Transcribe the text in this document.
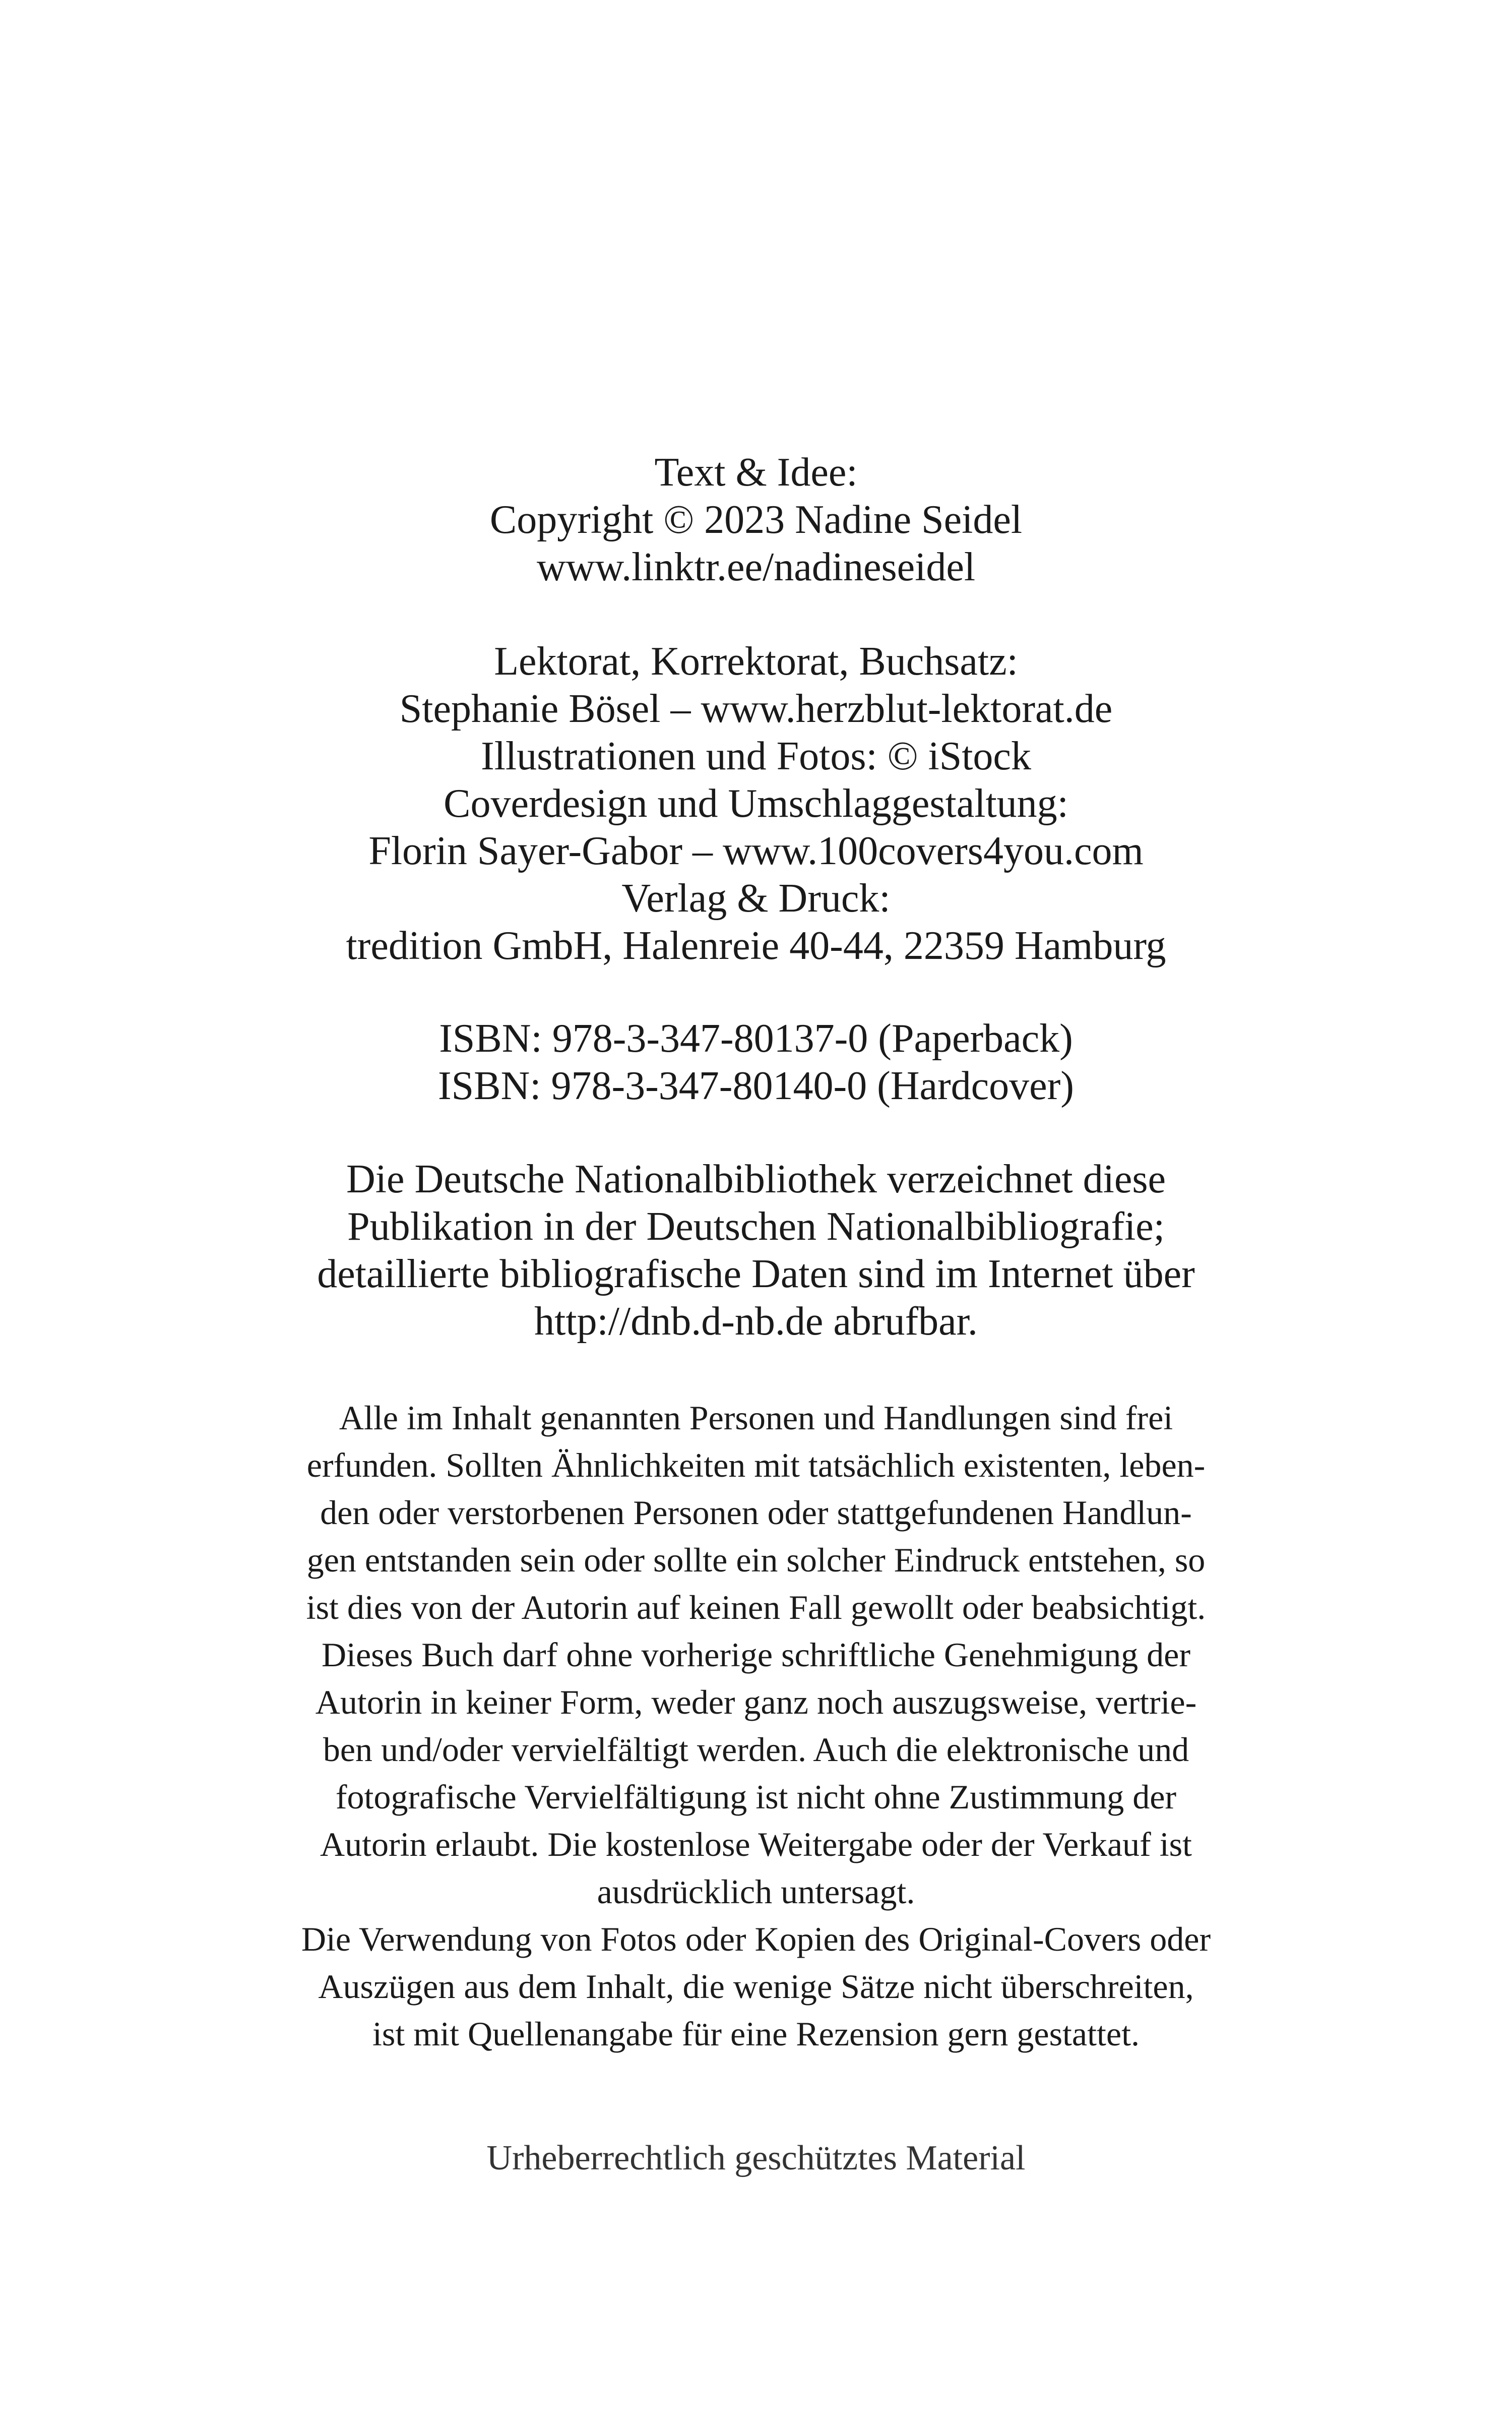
Text & Idee:
Copyright © 2023 Nadine Seidel
www.linktr.ee/nadineseidel
Lektorat, Korrektorat, Buchsatz:
Stephanie Bösel – www.herzblut-lektorat.de
Illustrationen und Fotos: © iStock
Coverdesign und Umschlaggestaltung:
Florin Sayer-Gabor – www.100covers4you.com
Verlag & Druck:
tredition GmbH, Halenreie 40-44, 22359 Hamburg
ISBN: 978-3-347-80137-0 (Paperback)
ISBN: 978-3-347-80140-0 (Hardcover)
Die Deutsche Nationalbibliothek verzeichnet diese
Publikation in der Deutschen Nationalbibliografie;
detaillierte bibliografische Daten sind im Internet über
http://dnb.d-nb.de abrufbar.
Alle im Inhalt genannten Personen und Handlungen sind frei
erfunden. Sollten Ähnlichkeiten mit tatsächlich existenten, leben-
den oder verstorbenen Personen oder stattgefundenen Handlun-
gen entstanden sein oder sollte ein solcher Eindruck entstehen, so
ist dies von der Autorin auf keinen Fall gewollt oder beabsichtigt.
Dieses Buch darf ohne vorherige schriftliche Genehmigung der
Autorin in keiner Form, weder ganz noch auszugsweise, vertrie-
ben und/oder vervielfältigt werden. Auch die elektronische und
fotografische Vervielfältigung ist nicht ohne Zustimmung der
Autorin erlaubt. Die kostenlose Weitergabe oder der Verkauf ist
ausdrücklich untersagt.
Die Verwendung von Fotos oder Kopien des Original-Covers oder
Auszügen aus dem Inhalt, die wenige Sätze nicht überschreiten,
ist mit Quellenangabe für eine Rezension gern gestattet.
Urheberrechtlich geschütztes Material
